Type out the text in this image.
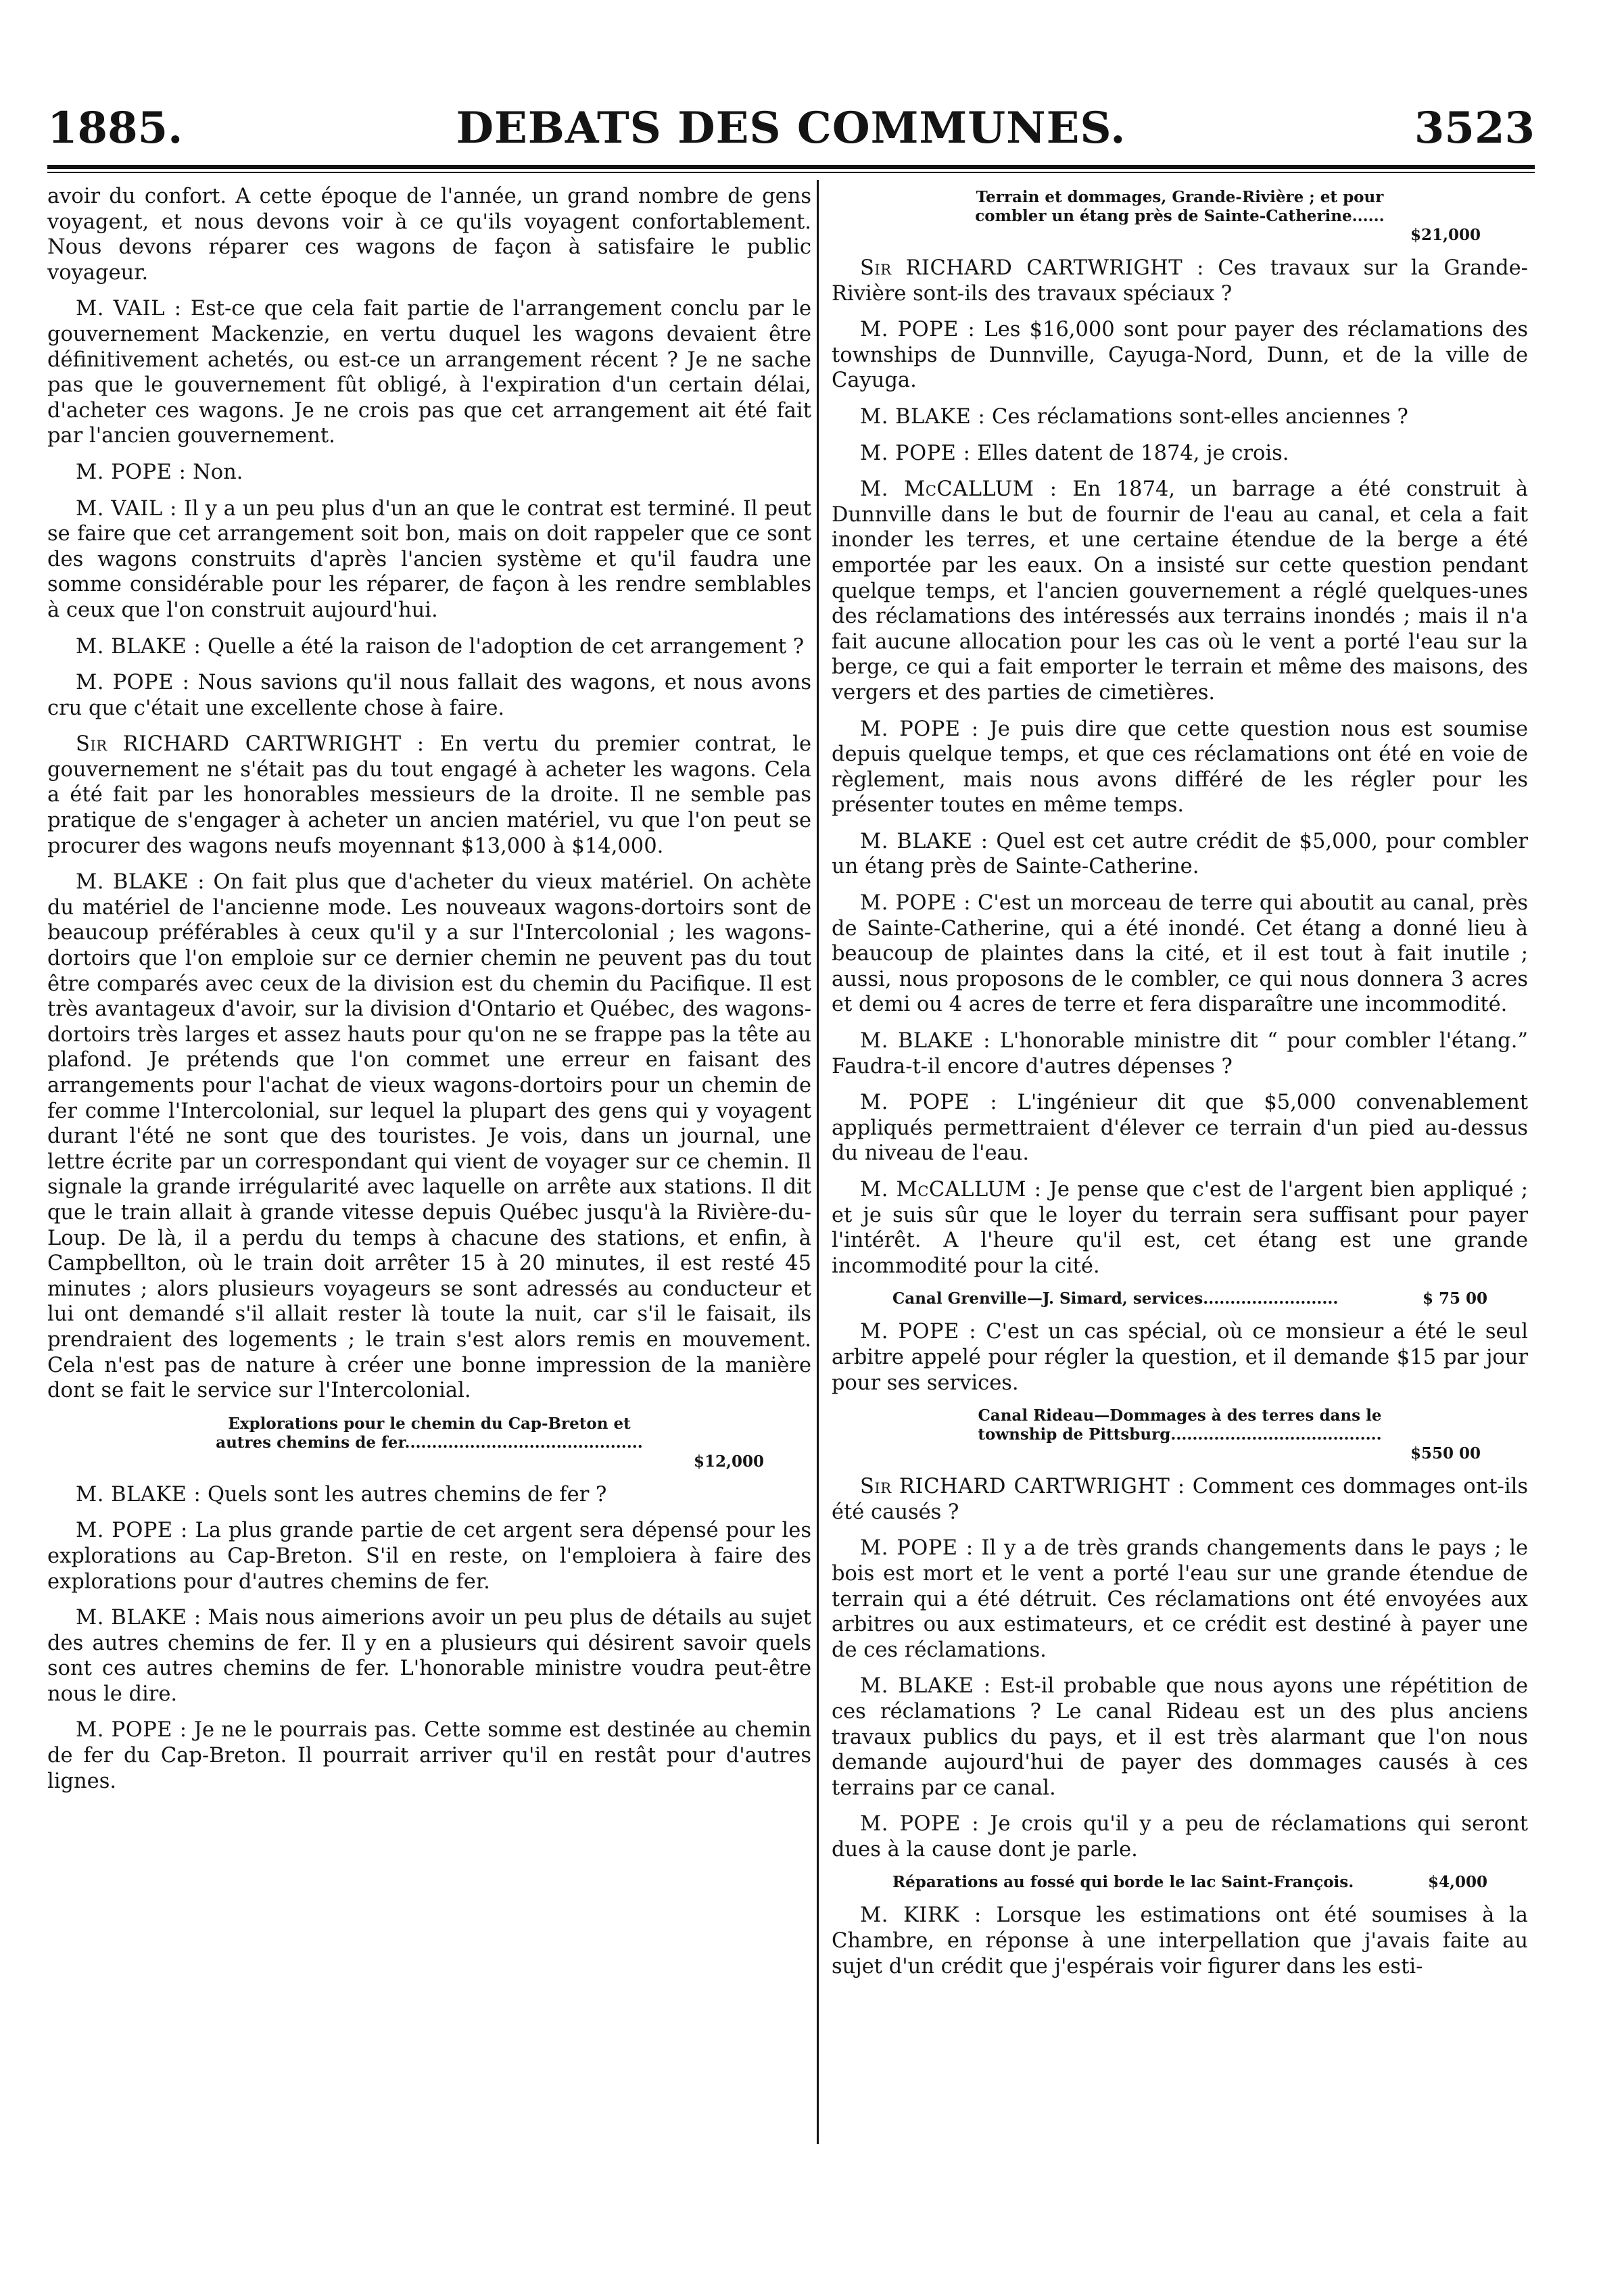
1885.	DEBATS DES COMMUNES.	3523

avoir du confort. A cette époque de l'année, un grand nombre de gens voyagent, et nous devons voir à ce qu'ils voyagent confortablement. Nous devons réparer ces wagons de façon à satisfaire le public voyageur.

M. VAIL : Est-ce que cela fait partie de l'arrangement conclu par le gouvernement Mackenzie, en vertu duquel les wagons devaient être définitivement achetés, ou est-ce un arrangement récent ? Je ne sache pas que le gouvernement fût obligé, à l'expiration d'un certain délai, d'acheter ces wagons. Je ne crois pas que cet arrangement ait été fait par l'ancien gouvernement.

M. POPE : Non.

M. VAIL : Il y a un peu plus d'un an que le contrat est terminé. Il peut se faire que cet arrangement soit bon, mais on doit rappeler que ce sont des wagons construits d'après l'ancien système et qu'il faudra une somme considérable pour les réparer, de façon à les rendre semblables à ceux que l'on construit aujourd'hui.

M. BLAKE : Quelle a été la raison de l'adoption de cet arrangement ?

M. POPE : Nous savions qu'il nous fallait des wagons, et nous avons cru que c'était une excellente chose à faire.

Sir RICHARD CARTWRIGHT : En vertu du premier contrat, le gouvernement ne s'était pas du tout engagé à acheter les wagons. Cela a été fait par les honorables messieurs de la droite. Il ne semble pas pratique de s'engager à acheter un ancien matériel, vu que l'on peut se procurer des wagons neufs moyennant $13,000 à $14,000.

M. BLAKE : On fait plus que d'acheter du vieux matériel. On achète du matériel de l'ancienne mode. Les nouveaux wagons-dortoirs sont de beaucoup préférables à ceux qu'il y a sur l'Intercolonial ; les wagons-dortoirs que l'on emploie sur ce dernier chemin ne peuvent pas du tout être comparés avec ceux de la division est du chemin du Pacifique. Il est très avantageux d'avoir, sur la division d'Ontario et Québec, des wagons-dortoirs très larges et assez hauts pour qu'on ne se frappe pas la tête au plafond. Je prétends que l'on commet une erreur en faisant des arrangements pour l'achat de vieux wagons-dortoirs pour un chemin de fer comme l'Intercolonial, sur lequel la plupart des gens qui y voyagent durant l'été ne sont que des touristes. Je vois, dans un journal, une lettre écrite par un correspondant qui vient de voyager sur ce chemin. Il signale la grande irrégularité avec laquelle on arrête aux stations. Il dit que le train allait à grande vitesse depuis Québec jusqu'à la Rivière-du-Loup. De là, il a perdu du temps à chacune des stations, et enfin, à Campbellton, où le train doit arrêter 15 à 20 minutes, il est resté 45 minutes ; alors plusieurs voyageurs se sont adressés au conducteur et lui ont demandé s'il allait rester là toute la nuit, car s'il le faisait, ils prendraient des logements ; le train s'est alors remis en mouvement. Cela n'est pas de nature à créer une bonne impression de la manière dont se fait le service sur l'Intercolonial.

Explorations pour le chemin du Cap-Breton et
autres chemins de fer............................................
$12,000

M. BLAKE : Quels sont les autres chemins de fer ?

M. POPE : La plus grande partie de cet argent sera dépensé pour les explorations au Cap-Breton. S'il en reste, on l'emploiera à faire des explorations pour d'autres chemins de fer.

M. BLAKE : Mais nous aimerions avoir un peu plus de détails au sujet des autres chemins de fer. Il y en a plusieurs qui désirent savoir quels sont ces autres chemins de fer. L'honorable ministre voudra peut-être nous le dire.

M. POPE : Je ne le pourrais pas. Cette somme est destinée au chemin de fer du Cap-Breton. Il pourrait arriver qu'il en restât pour d'autres lignes.

Terrain et dommages, Grande-Rivière ; et pour
combler un étang près de Sainte-Catherine......
$21,000

Sir RICHARD CARTWRIGHT : Ces travaux sur la Grande-Rivière sont-ils des travaux spéciaux ?

M. POPE : Les $16,000 sont pour payer des réclamations des townships de Dunnville, Cayuga-Nord, Dunn, et de la ville de Cayuga.

M. BLAKE : Ces réclamations sont-elles anciennes ?

M. POPE : Elles datent de 1874, je crois.

M. McCALLUM : En 1874, un barrage a été construit à Dunnville dans le but de fournir de l'eau au canal, et cela a fait inonder les terres, et une certaine étendue de la berge a été emportée par les eaux. On a insisté sur cette question pendant quelque temps, et l'ancien gouvernement a réglé quelques-unes des réclamations des intéressés aux terrains inondés ; mais il n'a fait aucune allocation pour les cas où le vent a porté l'eau sur la berge, ce qui a fait emporter le terrain et même des maisons, des vergers et des parties de cimetières.

M. POPE : Je puis dire que cette question nous est soumise depuis quelque temps, et que ces réclamations ont été en voie de règlement, mais nous avons différé de les régler pour les présenter toutes en même temps.

M. BLAKE : Quel est cet autre crédit de $5,000, pour combler un étang près de Sainte-Catherine.

M. POPE : C'est un morceau de terre qui aboutit au canal, près de Sainte-Catherine, qui a été inondé. Cet étang a donné lieu à beaucoup de plaintes dans la cité, et il est tout à fait inutile ; aussi, nous proposons de le combler, ce qui nous donnera 3 acres et demi ou 4 acres de terre et fera disparaître une incommodité.

M. BLAKE : L'honorable ministre dit “ pour combler l'étang.” Faudra-t-il encore d'autres dépenses ?

M. POPE : L'ingénieur dit que $5,000 convenablement appliqués permettraient d'élever ce terrain d'un pied au-dessus du niveau de l'eau.

M. McCALLUM : Je pense que c'est de l'argent bien appliqué ; et je suis sûr que le loyer du terrain sera suffisant pour payer l'intérêt. A l'heure qu'il est, cet étang est une grande incommodité pour la cité.

Canal Grenville—J. Simard, services.........................	$ 75 00

M. POPE : C'est un cas spécial, où ce monsieur a été le seul arbitre appelé pour régler la question, et il demande $15 par jour pour ses services.

Canal Rideau—Dommages à des terres dans le
township de Pittsburg.......................................
$550 00

Sir RICHARD CARTWRIGHT : Comment ces dommages ont-ils été causés ?

M. POPE : Il y a de très grands changements dans le pays ; le bois est mort et le vent a porté l'eau sur une grande étendue de terrain qui a été détruit. Ces réclamations ont été envoyées aux arbitres ou aux estimateurs, et ce crédit est destiné à payer une de ces réclamations.

M. BLAKE : Est-il probable que nous ayons une répétition de ces réclamations ? Le canal Rideau est un des plus anciens travaux publics du pays, et il est très alarmant que l'on nous demande aujourd'hui de payer des dommages causés à ces terrains par ce canal.

M. POPE : Je crois qu'il y a peu de réclamations qui seront dues à la cause dont je parle.

Réparations au fossé qui borde le lac Saint-François.	$4,000

M. KIRK : Lorsque les estimations ont été soumises à la Chambre, en réponse à une interpellation que j'avais faite au sujet d'un crédit que j'espérais voir figurer dans les esti-
